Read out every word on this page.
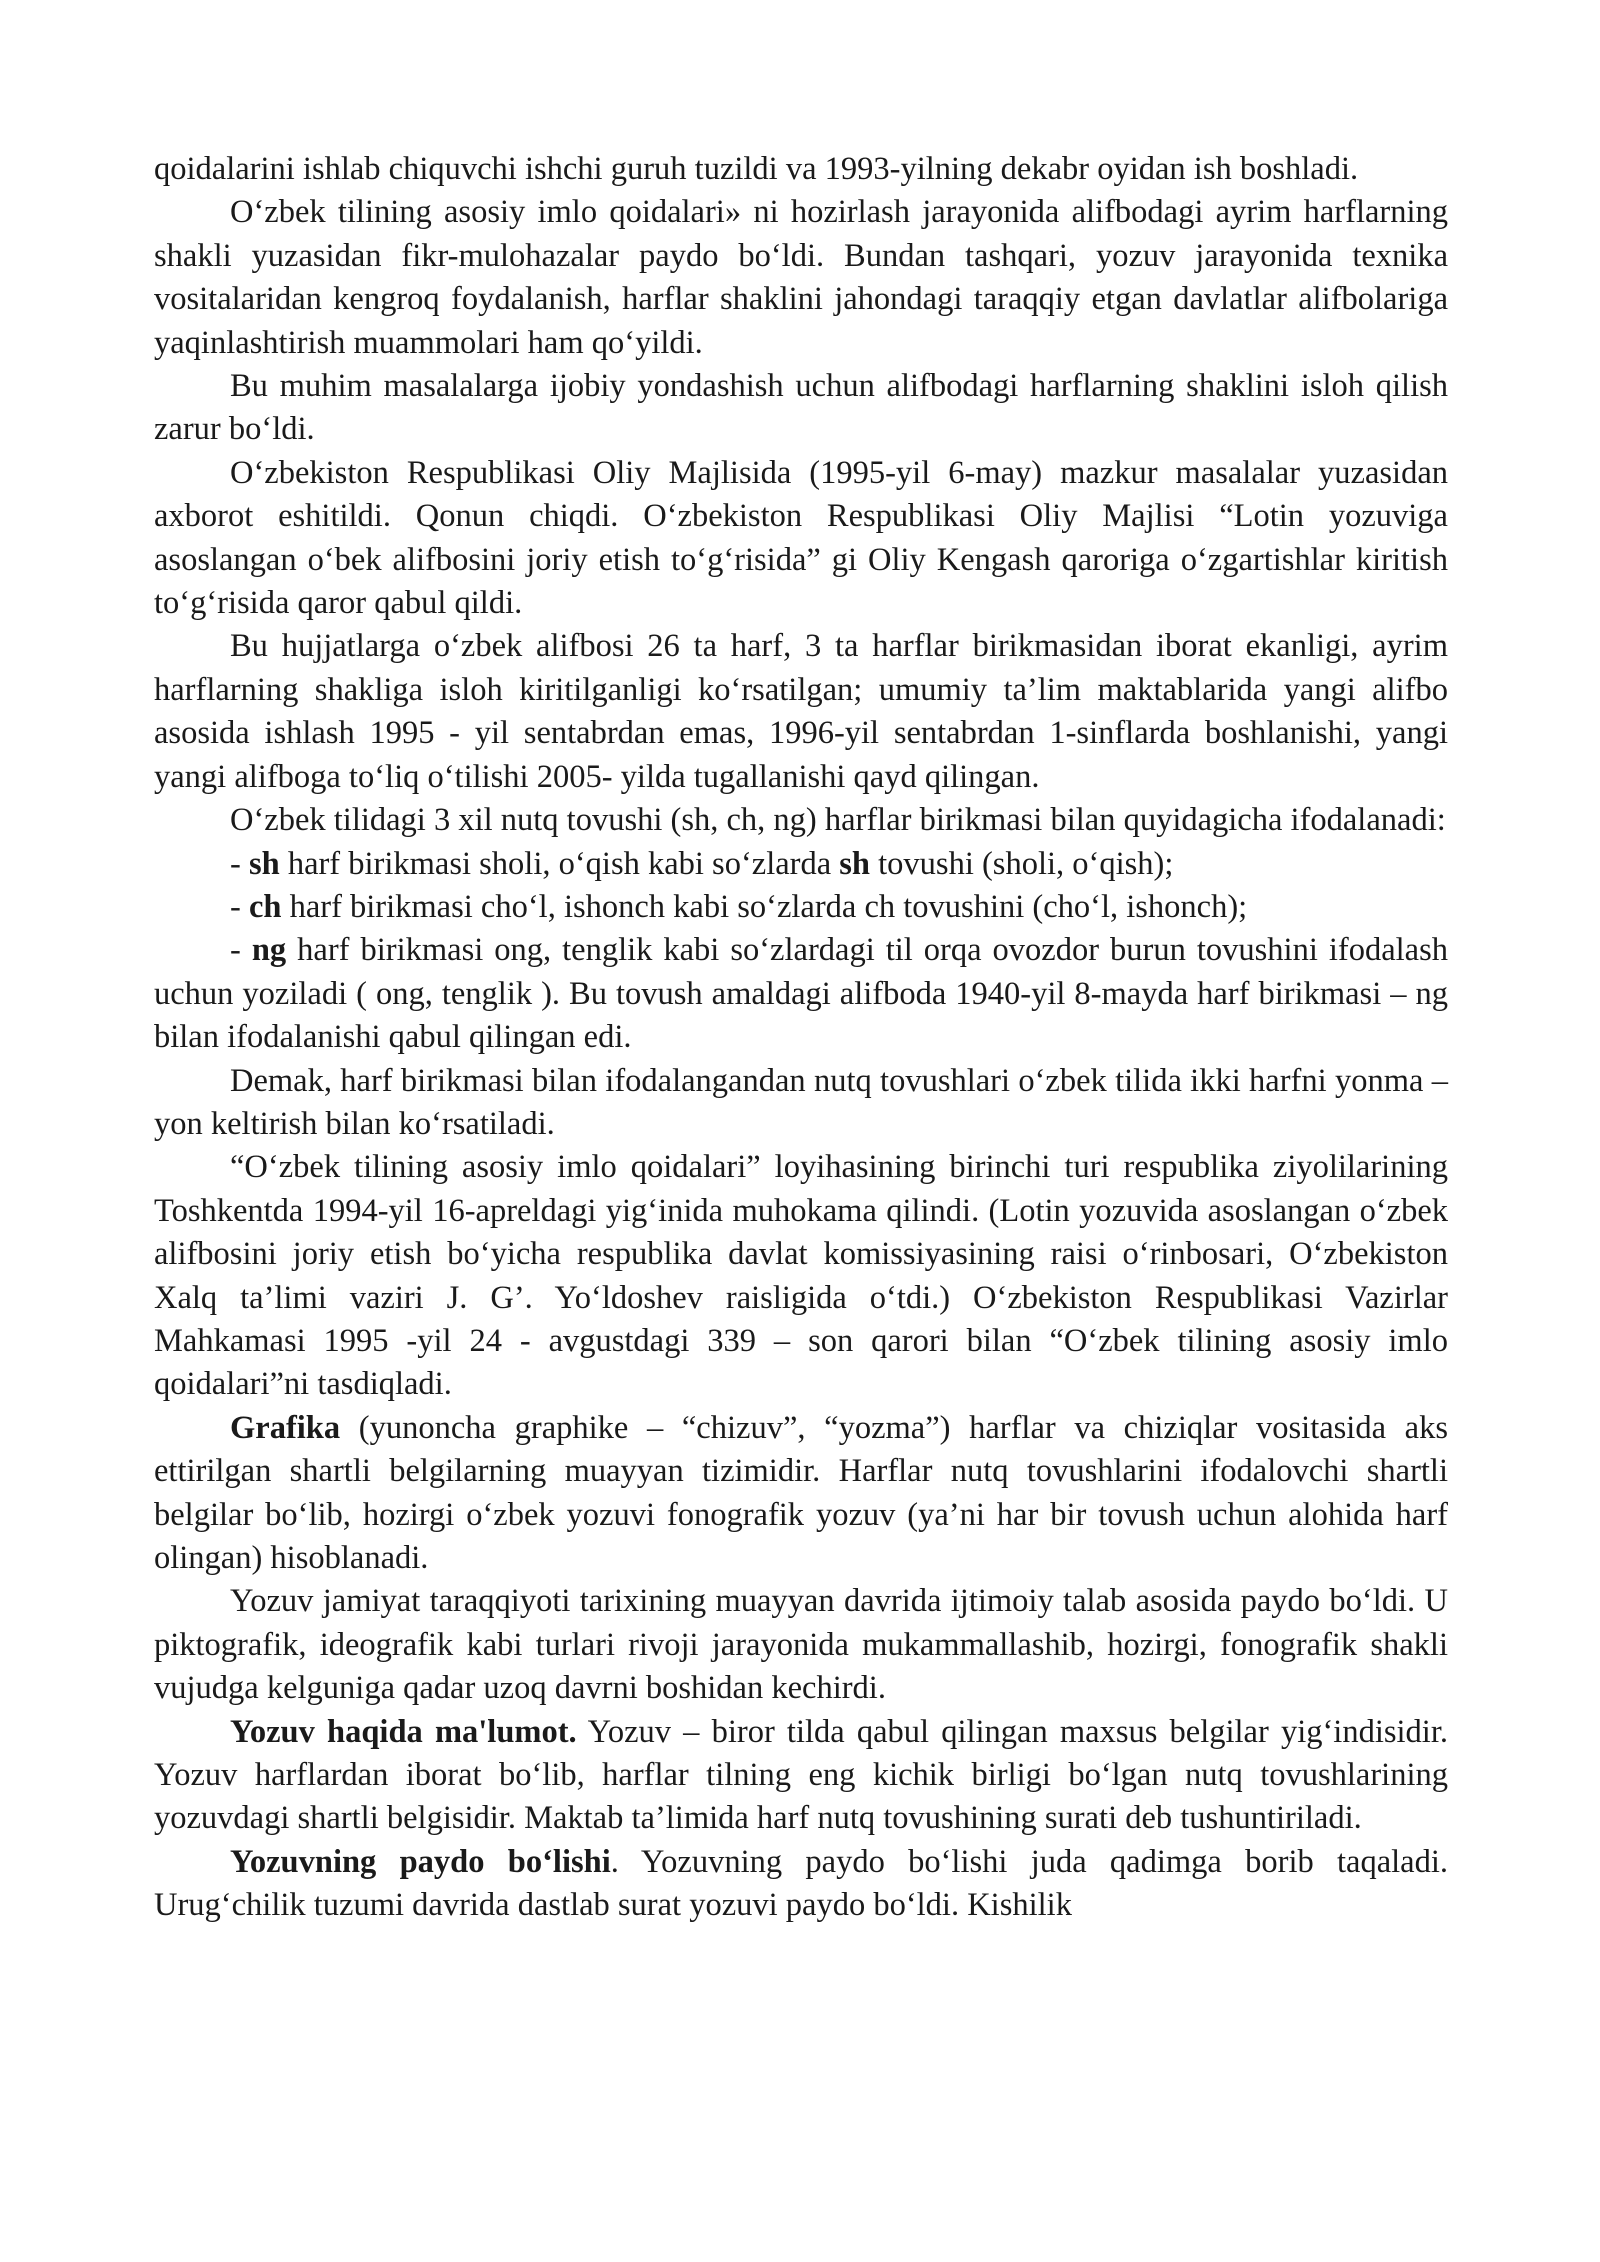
qoidalarini ishlab chiquvchi ishchi guruh tuzildi va 1993-yilning dekabr oyidan ish boshladi.

O‘zbek tilining asosiy imlo qoidalari» ni hozirlash jarayonida alifbodagi ayrim harflarning shakli yuzasidan fikr-mulohazalar paydo bo‘ldi. Bundan tashqari, yozuv jarayonida texnika vositalaridan kengroq foydalanish, harflar shaklini jahondagi taraqqiy etgan davlatlar alifbolariga yaqinlashtirish muammolari ham qo‘yildi.

Bu muhim masalalarga ijobiy yondashish uchun alifbodagi harflarning shaklini isloh qilish zarur bo‘ldi.

O‘zbekiston Respublikasi Oliy Majlisida (1995-yil 6-may) mazkur masalalar yuzasidan axborot eshitildi. Qonun chiqdi. O‘zbekiston Respublikasi Oliy Majlisi “Lotin yozuviga asoslangan o‘bek alifbosini joriy etish to‘g‘risida” gi Oliy Kengash qaroriga o‘zgartishlar kiritish to‘g‘risida qaror qabul qildi.

Bu hujjatlarga o‘zbek alifbosi 26 ta harf, 3 ta harflar birikmasidan iborat ekanligi, ayrim harflarning shakliga isloh kiritilganligi ko‘rsatilgan; umumiy ta’lim maktablarida yangi alifbo asosida ishlash 1995 - yil sentabrdan emas, 1996-yil sentabrdan 1-sinflarda boshlanishi, yangi yangi alifboga to‘liq o‘tilishi 2005- yilda tugallanishi qayd qilingan.

O‘zbek tilidagi 3 xil nutq tovushi (sh, ch, ng) harflar birikmasi bilan quyidagicha ifodalanadi:

- sh harf birikmasi sholi, o‘qish kabi so‘zlarda sh tovushi (sholi, o‘qish);

- ch harf birikmasi cho‘l, ishonch kabi so‘zlarda ch tovushini (cho‘l, ishonch);

- ng harf birikmasi ong, tenglik kabi so‘zlardagi til orqa ovozdor burun tovushini ifodalash uchun yoziladi ( ong, tenglik ). Bu tovush amaldagi alifboda 1940-yil 8-mayda harf birikmasi – ng bilan ifodalanishi qabul qilingan edi.

Demak, harf birikmasi bilan ifodalangandan nutq tovushlari o‘zbek tilida ikki harfni yonma – yon keltirish bilan ko‘rsatiladi.

“O‘zbek tilining asosiy imlo qoidalari” loyihasining birinchi turi respublika ziyolilarining Toshkentda 1994-yil 16-apreldagi yig‘inida muhokama qilindi. (Lotin yozuvida asoslangan o‘zbek alifbosini joriy etish bo‘yicha respublika davlat komissiyasining raisi o‘rinbosari, O‘zbekiston Xalq ta’limi vaziri J. G’. Yo‘ldoshev raisligida o‘tdi.) O‘zbekiston Respublikasi Vazirlar Mahkamasi 1995 -yil 24 - avgustdagi 339 – son qarori bilan “O‘zbek tilining asosiy imlo qoidalari”ni tasdiqladi.

Grafika (yunoncha graphike – “chizuv”, “yozma”) harflar va chiziqlar vositasida aks ettirilgan shartli belgilarning muayyan tizimidir. Harflar nutq tovushlarini ifodalovchi shartli belgilar bo‘lib, hozirgi o‘zbek yozuvi fonografik yozuv (ya’ni har bir tovush uchun alohida harf olingan) hisoblanadi.

Yozuv jamiyat taraqqiyoti tarixining muayyan davrida ijtimoiy talab asosida paydo bo‘ldi. U piktografik, ideografik kabi turlari rivoji jarayonida mukammallashib, hozirgi, fonografik shakli vujudga kelguniga qadar uzoq davrni boshidan kechirdi.

Yozuv haqida ma'lumot. Yozuv – biror tilda qabul qilingan maxsus belgilar yig‘indisidir. Yozuv harflardan iborat bo‘lib, harflar tilning eng kichik birligi bo‘lgan nutq tovushlarining yozuvdagi shartli belgisidir. Maktab ta’limida harf nutq tovushining surati deb tushuntiriladi.

Yozuvning paydo bo‘lishi. Yozuvning paydo bo‘lishi juda qadimga borib taqaladi. Urug‘chilik tuzumi davrida dastlab surat yozuvi paydo bo‘ldi. Kishilik
